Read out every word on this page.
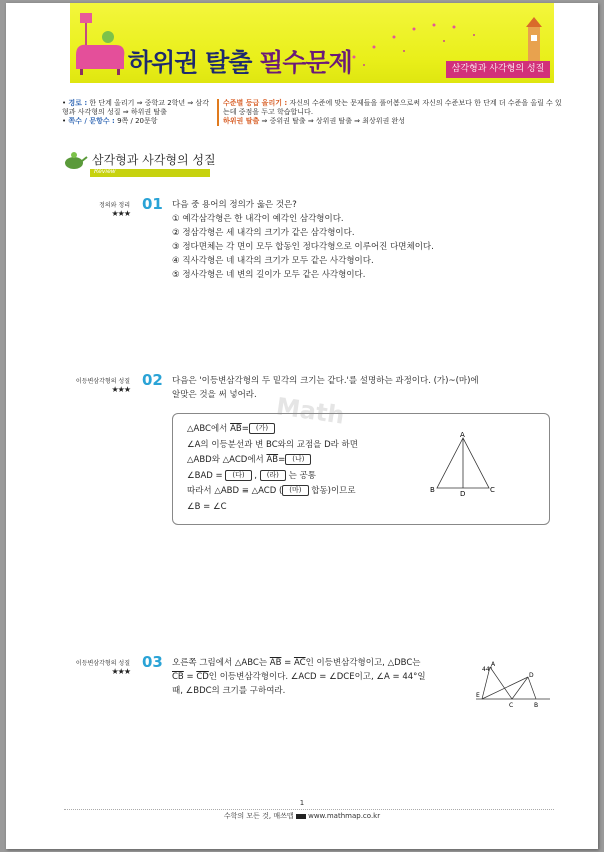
하위권 탈출 필수문제	삼각형과 사각형의 성질
• 경로 : 한 단계 올리기 ⇒ 중학교 2학년 ⇒ 삼각형과 사각형의 성질 ⇒ 하위권 탈출
• 쪽수 / 문항수 : 9쪽 / 20문항
수준별 등급 올리기 : 자신의 수준에 맞는 문제들을 풀어봄으로써 자신의 수준보다 한 단계 더 수준을 올릴 수 있는데 중점을 두고 학습합니다.
하위권 탈출 ⇒ 중위권 탈출 ⇒ 상위권 탈출 ⇒ 최상위권 완성
삼각형과 사각형의 성질
Review
정의와 정리
★★★
01 다음 중 용어의 정의가 옳은 것은?
① 예각삼각형은 한 내각이 예각인 삼각형이다.
② 정삼각형은 세 내각의 크기가 같은 삼각형이다.
③ 정다면체는 각 면이 모두 합동인 정다각형으로 이루어진 다면체이다.
④ 직사각형은 네 내각의 크기가 모두 같은 사각형이다.
⑤ 정사각형은 네 변의 길이가 모두 같은 사각형이다.
이등변삼각형의 성질
★★★
02 다음은 '이등변삼각형의 두 밑각의 크기는 같다.'를 설명하는 과정이다. (가)~(마)에
알맞은 것을 써 넣어라. Math
△ABC에서 $\overline{AB}=$ (가)
∠A의 이등분선과 변 BC와의 교점을 D라 하면
△ABD와 △ACD에서 $\overline{AB}=$ (나)
∠BAD = (다) , (라) 는 공통
따라서 △ABD ≡ △ACD ( (마) 합동)이므로
∠B = ∠C
A
B	C
D
이등변삼각형의 성질
★★★
03 오른쪽 그림에서 △ABC는 $\overline{AB} = \overline{AC}$인 이등변삼각형이고, △DBC는
$\overline{CB} = \overline{CD}$인 이등변삼각형이다. ∠ACD = ∠DCE이고, ∠A = 44°일
때, ∠BDC의 크기를 구하여라.
44°
A
B
C
D
E
1
수학의 모든 것, 매쓰맵 www.mathmap.co.kr
